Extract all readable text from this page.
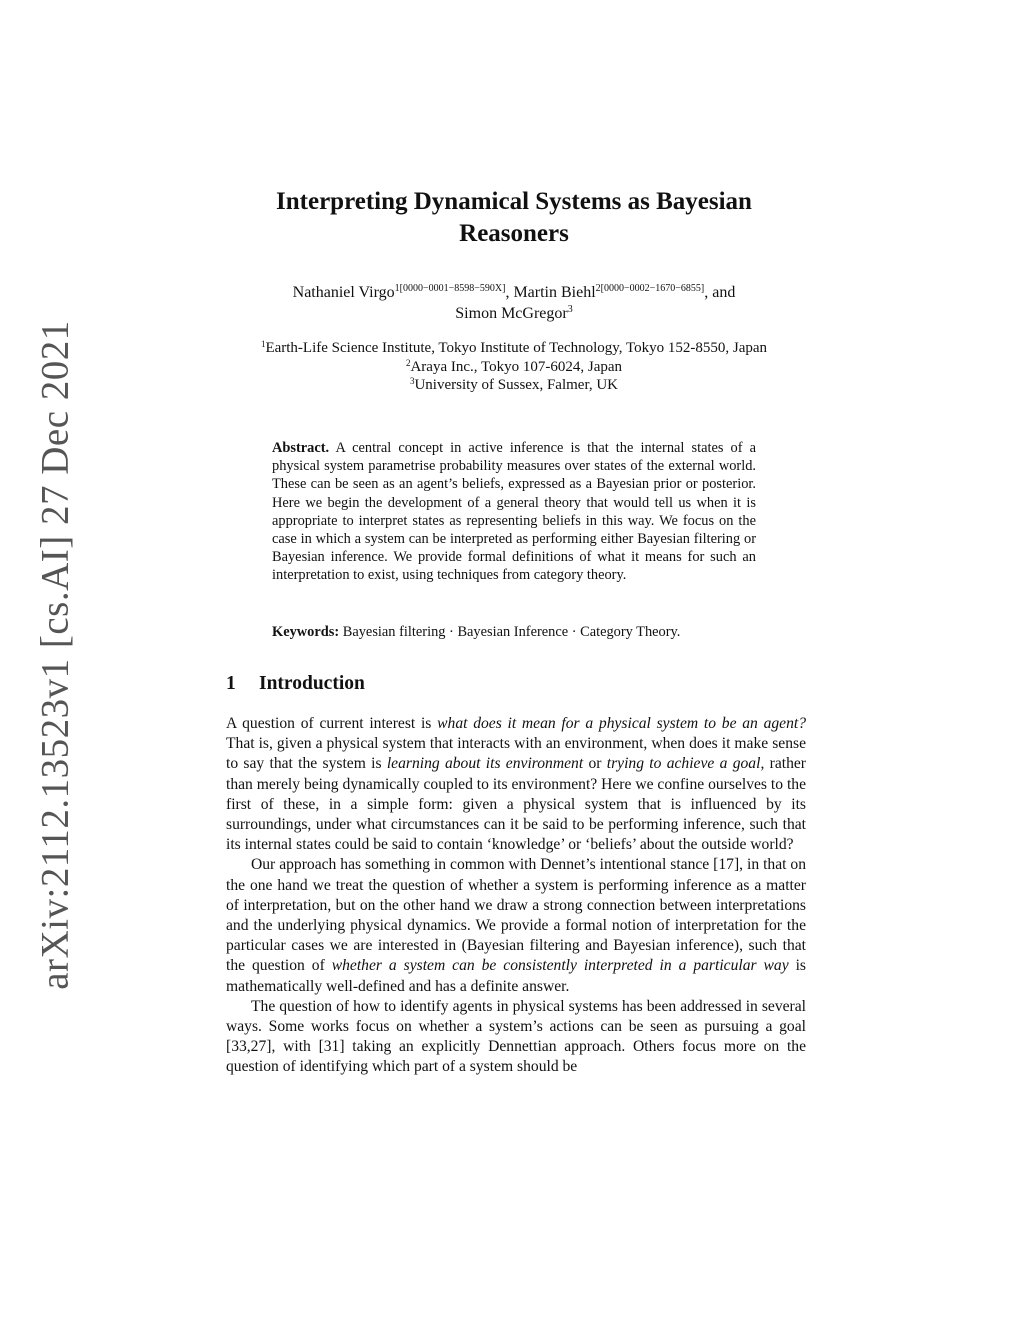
arXiv:2112.13523v1 [cs.AI] 27 Dec 2021
Interpreting Dynamical Systems as Bayesian
Reasoners
Nathaniel Virgo$^{1[0000-0001-8598-590X]}$, Martin Biehl$^{2[0000-0002-1670-6855]}$, and
Simon McGregor$^3$
$^1$Earth-Life Science Institute, Tokyo Institute of Technology, Tokyo 152-8550, Japan
$^2$Araya Inc., Tokyo 107-6024, Japan
$^3$University of Sussex, Falmer, UK
Abstract. A central concept in active inference is that the internal states of a physical system parametrise probability measures over states of the external world. These can be seen as an agent’s beliefs, expressed as a Bayesian prior or posterior. Here we begin the development of a general theory that would tell us when it is appropriate to interpret states as representing beliefs in this way. We focus on the case in which a system can be interpreted as performing either Bayesian filtering or Bayesian inference. We provide formal definitions of what it means for such an interpretation to exist, using techniques from category theory.
Keywords: Bayesian filtering · Bayesian Inference · Category Theory.
1 Introduction

A question of current interest is what does it mean for a physical system to be an agent? That is, given a physical system that interacts with an environment, when does it make sense to say that the system is learning about its environment or trying to achieve a goal, rather than merely being dynamically coupled to its environment? Here we confine ourselves to the first of these, in a simple form: given a physical system that is influenced by its surroundings, under what circumstances can it be said to be performing inference, such that its internal states could be said to contain ‘knowledge’ or ‘beliefs’ about the outside world?

Our approach has something in common with Dennet’s intentional stance [17], in that on the one hand we treat the question of whether a system is performing inference as a matter of interpretation, but on the other hand we draw a strong connection between interpretations and the underlying physical dynamics. We provide a formal notion of interpretation for the particular cases we are interested in (Bayesian filtering and Bayesian inference), such that the question of whether a system can be consistently interpreted in a particular way is mathematically well-defined and has a definite answer.

The question of how to identify agents in physical systems has been addressed in several ways. Some works focus on whether a system’s actions can be seen as pursuing a goal [33,27], with [31] taking an explicitly Dennettian approach. Others focus more on the question of identifying which part of a system should be
